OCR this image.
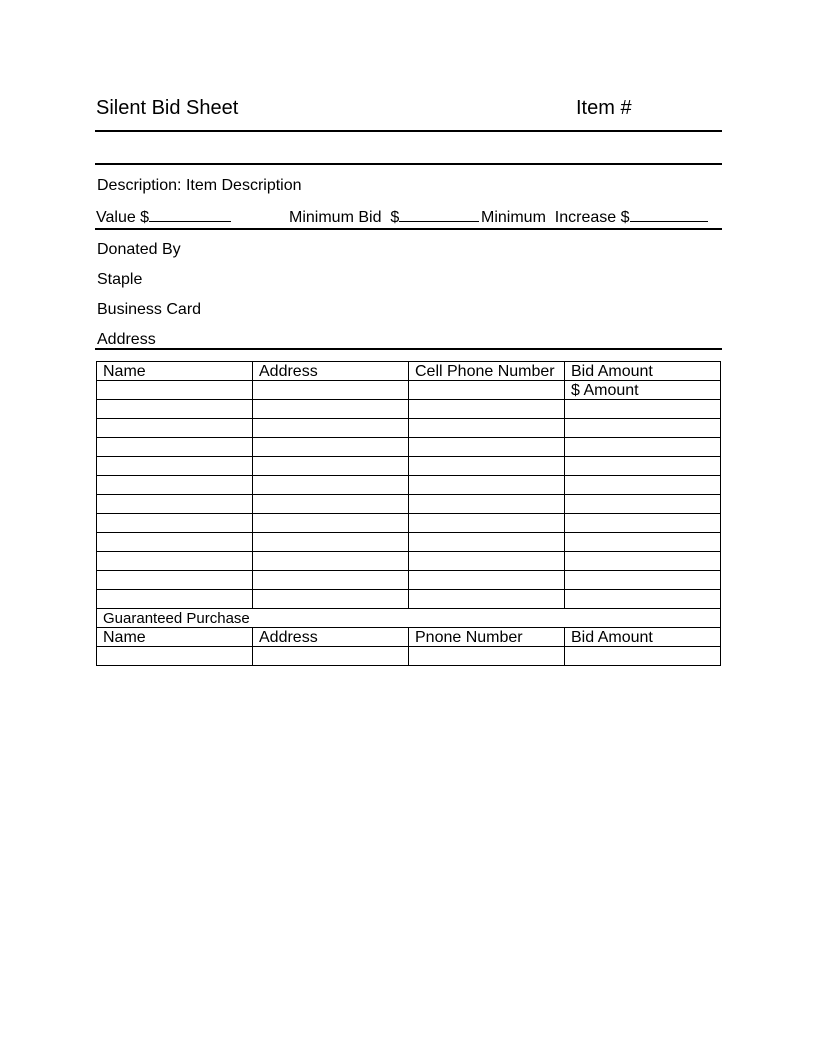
Silent Bid Sheet	Item #
Description: Item Description
Value $	Minimum Bid  $	Minimum  Increase $
Donated By
Staple
Business Card
Address
Name	Address	Cell Phone Number	Bid Amount
			$ Amount

Guaranteed Purchase			
Name	Address	Pnone Number	Bid Amount
